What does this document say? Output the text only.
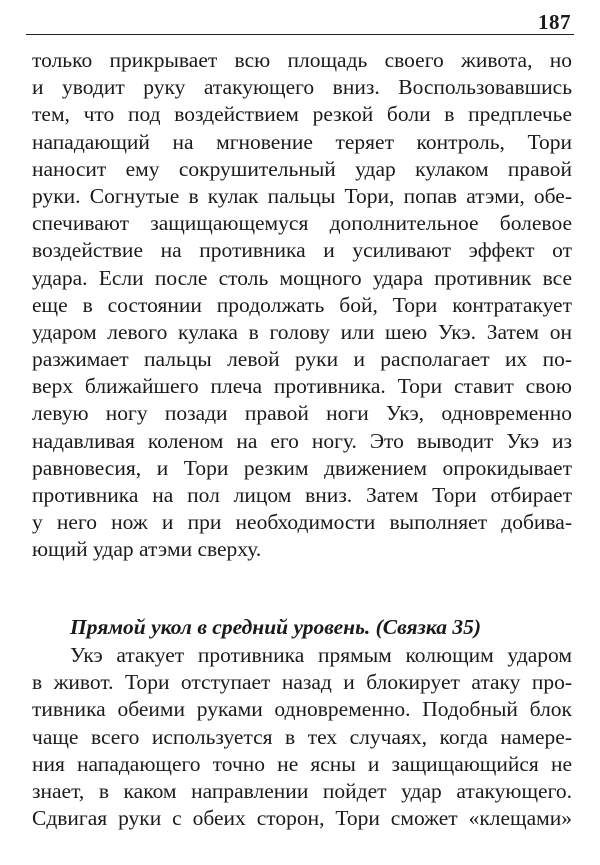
187
только прикрывает всю площадь своего живота, но
и уводит руку атакующего вниз. Воспользовавшись
тем, что под воздействием резкой боли в предплечье
нападающий на мгновение теряет контроль, Тори
наносит ему сокрушительный удар кулаком правой
руки. Согнутые в кулак пальцы Тори, попав атэми, обе-
спечивают защищающемуся дополнительное болевое
воздействие на противника и усиливают эффект от
удара. Если после столь мощного удара противник все
еще в состоянии продолжать бой, Тори контратакует
ударом левого кулака в голову или шею Укэ. Затем он
разжимает пальцы левой руки и располагает их по-
верх ближайшего плеча противника. Тори ставит свою
левую ногу позади правой ноги Укэ, одновременно
надавливая коленом на его ногу. Это выводит Укэ из
равновесия, и Тори резким движением опрокидывает
противника на пол лицом вниз. Затем Тори отбирает
у него нож и при необходимости выполняет добива-
ющий удар атэми сверху.
Прямой укол в средний уровень. (Связка 35)
Укэ атакует противника прямым колющим ударом
в живот. Тори отступает назад и блокирует атаку про-
тивника обеими руками одновременно. Подобный блок
чаще всего используется в тех случаях, когда намере-
ния нападающего точно не ясны и защищающийся не
знает, в каком направлении пойдет удар атакующего.
Сдвигая руки с обеих сторон, Тори сможет «клещами»
